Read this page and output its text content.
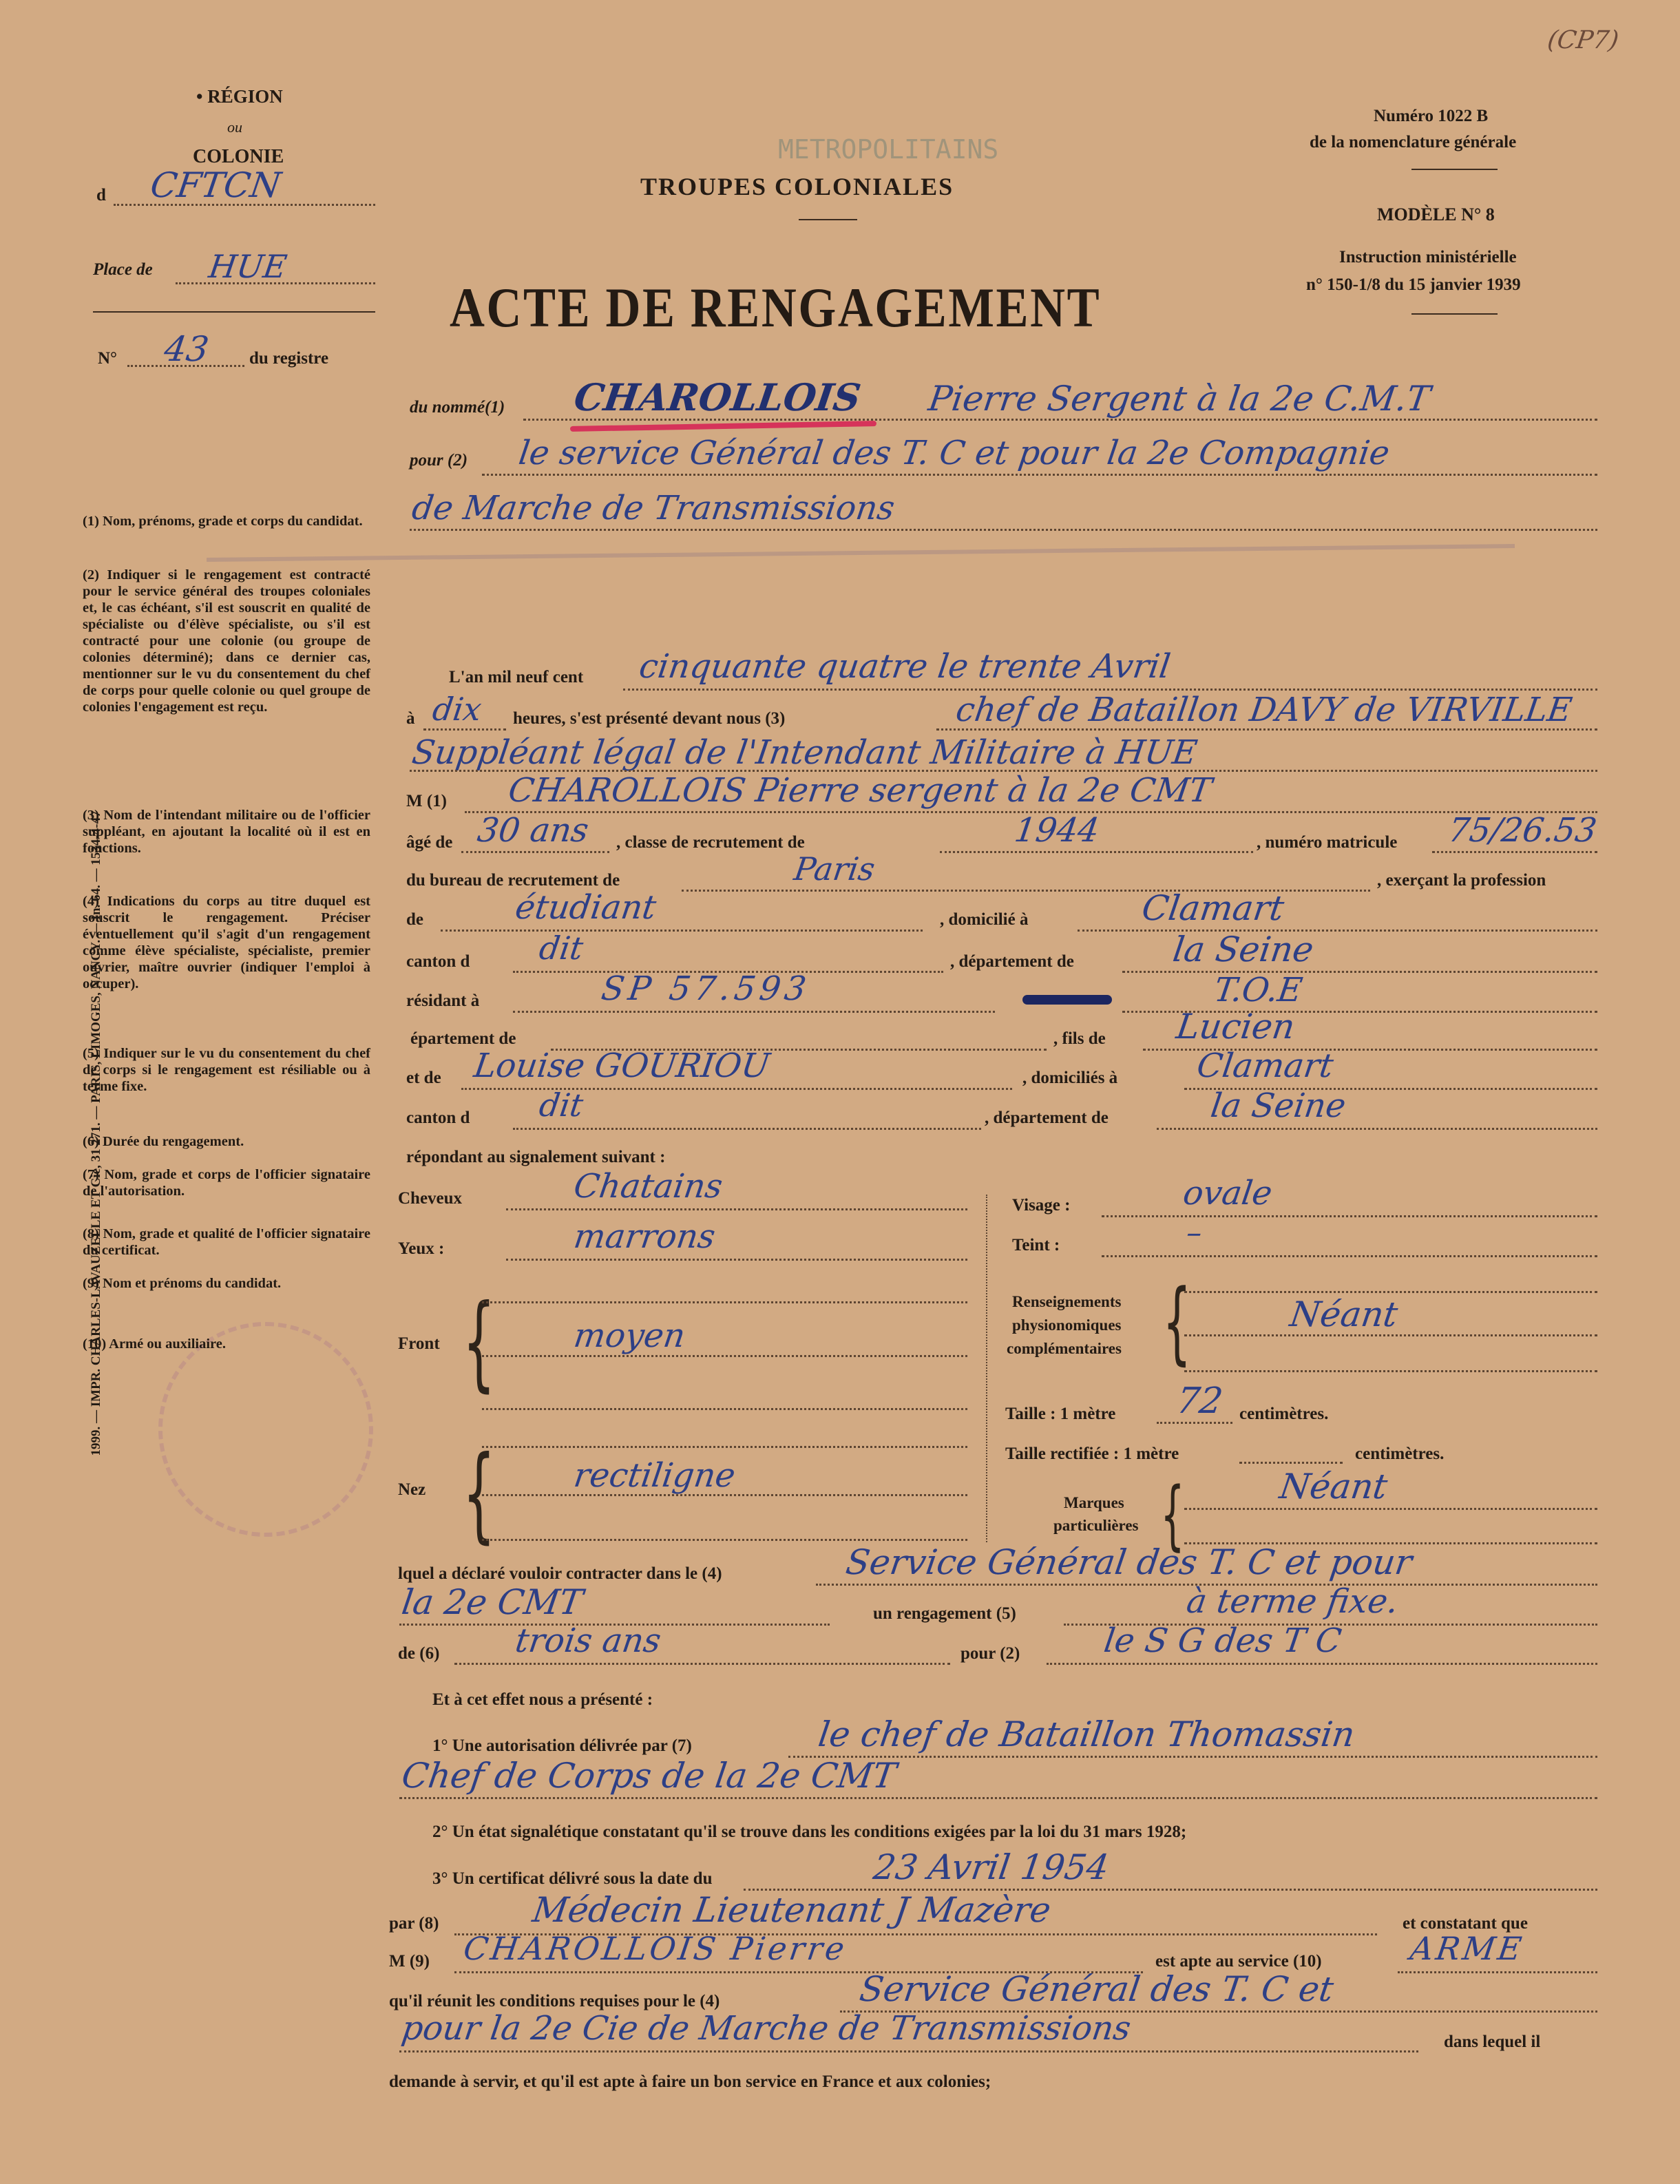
METROPOLITAINS
• RÉGION
ou
COLONIE
d CFTCN
Place de HUE
N° 43 du registre
(1) Nom, prénoms, grade et corps du candidat.
(2) Indiquer si le rengagement est contracté pour le service général des troupes coloniales et, le cas échéant, s'il est souscrit en qualité de spécialiste ou d'élève spécialiste, ou s'il est contracté pour une colonie (ou groupe de colonies déterminé); dans ce dernier cas, mentionner sur le vu du consentement du chef de corps pour quelle colonie ou quel groupe de colonies l'engagement est reçu.
(3) Nom de l'intendant militaire ou de l'officier suppléant, en ajoutant la localité où il est en fonctions.
(4) Indications du corps au titre duquel est souscrit le rengagement. Préciser éventuellement qu'il s'agit d'un rengagement comme élève spécialiste, spécialiste, premier ouvrier, maître ouvrier (indiquer l'emploi à occuper).
(5) Indiquer sur le vu du consentement du chef de corps si le rengagement est résiliable ou à terme fixe.
(6) Durée du rengagement.
(7) Nom, grade et corps de l'officier signataire de l'autorisation.
(8) Nom, grade et qualité de l'officier signataire du certificat.
(9) Nom et prénoms du candidat.
(10) Armé ou auxiliaire.
1999. — IMPR. CHARLES-LAVAUZELLE ET Cie, 31 271. — PARIS, LIMOGES, NANCY. — In. 64. — 1534-4-47
(CP7)
Numéro 1022 B
de la nomenclature générale
MODÈLE N° 8
Instruction ministérielle
n° 150-1/8 du 15 janvier 1939
TROUPES COLONIALES
ACTE DE RENGAGEMENT
du nommé(1) CHAROLLOIS Pierre Sergent à la 2e C.M.T
pour (2) le service Général des T. C et pour la 2e Compagnie
de Marche de Transmissions
L'an mil neuf cent cinquante quatre le trente Avril
à dix heures, s'est présenté devant nous (3)	chef de Bataillon DAVY de VIRVILLE
Suppléant légal de l'Intendant Militaire à HUE
M (1) CHAROLLOIS Pierre sergent à la 2e CMT
âgé de 30 ans , classe de recrutement de	1944	, numéro matricule 75/26.53
du bureau de recrutement de	Paris	, exerçant la profession
de	étudiant	, domicilié à	Clamart
canton d dit	, département de	la Seine
résidant à	SP 57.593	T.O.E
épartement de	, fils de Lucien
et de Louise GOURIOU	, domiciliés à Clamart
canton d dit	, département de	la Seine
répondant au signalement suivant :
Cheveux	Chatains
Yeux :	marrons
Front { moyen
Nez { rectiligne
Visage :	ovale
Teint :	–
Renseignements
physionomiques
complémentaires {	Néant
Taille : 1 mètre 72 centimètres.
Taille rectifiée : 1 mètre	centimètres.
Marques
particulières {	Néant
lquel a déclaré vouloir contracter dans le (4)	Service Général des T. C et pour
la 2e CMT	un rengagement (5)	à terme fixe.
de (6) trois ans	pour (2) le S G des T C
Et à cet effet nous a présenté :
1° Une autorisation délivrée par (7)	le chef de Bataillon Thomassin
Chef de Corps de la 2e CMT
2° Un état signalétique constatant qu'il se trouve dans les conditions exigées par la loi du 31 mars 1928;
3° Un certificat délivré sous la date du	23 Avril 1954
par (8)	Médecin Lieutenant J Mazère	et constatant que
M (9) CHAROLLOIS Pierre	est apte au service (10)	ARME
qu'il réunit les conditions requises pour le (4)	Service Général des T. C et
pour la 2e Cie de Marche de Transmissions	dans lequel il
demande à servir, et qu'il est apte à faire un bon service en France et aux colonies;
